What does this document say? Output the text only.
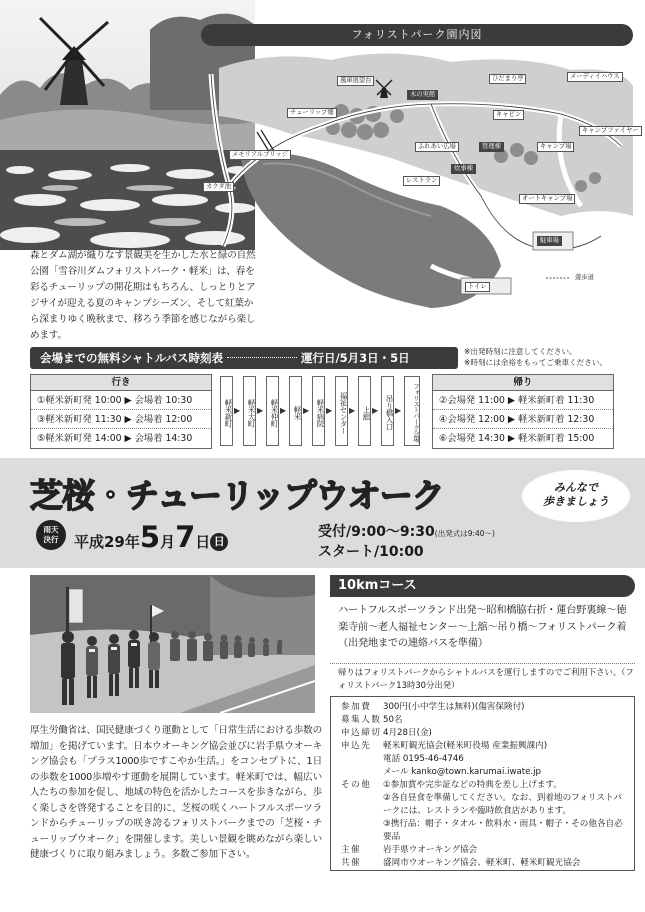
森とダム湖が織りなす景観美を生かした水と緑の自然公園「雪谷川ダムフォリストパーク・軽米」は、春を彩るチューリップの開花期はもちろん、しっとりとアジサイが迎える夏のキャンプシーズン、そして紅葉から深まりゆく晩秋まで、移ろう季節を感じながら楽しめます。
フォリストパーク園内図
風車展望台
チューリップ畑
メモリアルブリッジ
カクダ池
木の実館
ふれあい広場
ひだまり亭	メーディイハウス
キャビン
キャンプファイヤー
キャンプ場
オートキャンプ場
炊事棟
レストラン
駐車場
トイレ
管理棟
遊歩道
会場までの無料シャトルバス時刻表	運行日/5月3日・5日	※出発時刻に注意してください。
※時刻には余裕をもってご乗車ください。
行き
①軽米新町発 10:00 ▶ 会場着 10:30
③軽米新町発 11:30 ▶ 会場着 12:00
⑤軽米新町発 14:00 ▶ 会場着 14:30
軽米新町 ▶ 軽米大町 ▶ 軽米仲町 ▶ 軽米 ▶ 軽米病院 ▶ 福祉センター ▶ 上舘 ▶ 吊り橋入口 ▶	フォリストパーク会場
帰り
②会場発 11:00 ▶ 軽米新町着 11:30
④会場発 12:00 ▶ 軽米新町着 12:30
⑥会場発 14:30 ▶ 軽米新町着 15:00
芝桜・チューリップウオーク	みんなで
歩きましょう
雨天
決行	平成29年5月7日 日
受付/9:00〜9:30(出発式は9:40〜)
スタート/10:00
厚生労働省は、国民健康づくり運動として「日常生活における歩数の増加」を掲げています。日本ウオーキング協会並びに岩手県ウオーキング協会も「プラス1000歩ですこやか生活。」をコンセプトに、1日の歩数を1000歩増やす運動を展開しています。軽米町では、幅広い人たちの参加を促し、地域の特色を活かしたコースを歩きながら、歩く楽しさを啓発することを目的に、芝桜の咲くハートフルスポーツランドからチューリップの咲き誇るフォリストパークまでの「芝桜・チューリップウオーク」を開催します。美しい景観を眺めながら楽しい健康づくりに取り組みましょう。多数ご参加下さい。
10kmコース
ハートフルスポーツランド出発〜昭和橋脇右折・蓮台野裏線〜徳楽寺前〜老人福祉センター〜上舘〜吊り橋〜フォリストパーク着（出発地までの連絡バスを準備）
帰りはフォリストパークからシャトルバスを運行しますのでご利用下さい。（フォリストパーク13時30分出発）
参加費	300円(小中学生は無料)(傷害保険付)
募集人数 50名
申込締切 4月28日(金)
申込先	軽米町観光協会(軽米町役場 産業振興課内)
電話 0195-46-4746
メール kanko@town.karumai.iwate.jp
その他	①参加賞や完歩証などの特典を差し上げます。
②各自昼食を準備してください。なお、到着地のフォリストパークには、レストランや臨時飲食店があります。
③携行品：帽子・タオル・飲料水・雨具・帽子・その他各自必要品
主催	岩手県ウオーキング協会
共催	盛岡市ウオーキング協会、軽米町、軽米町観光協会
